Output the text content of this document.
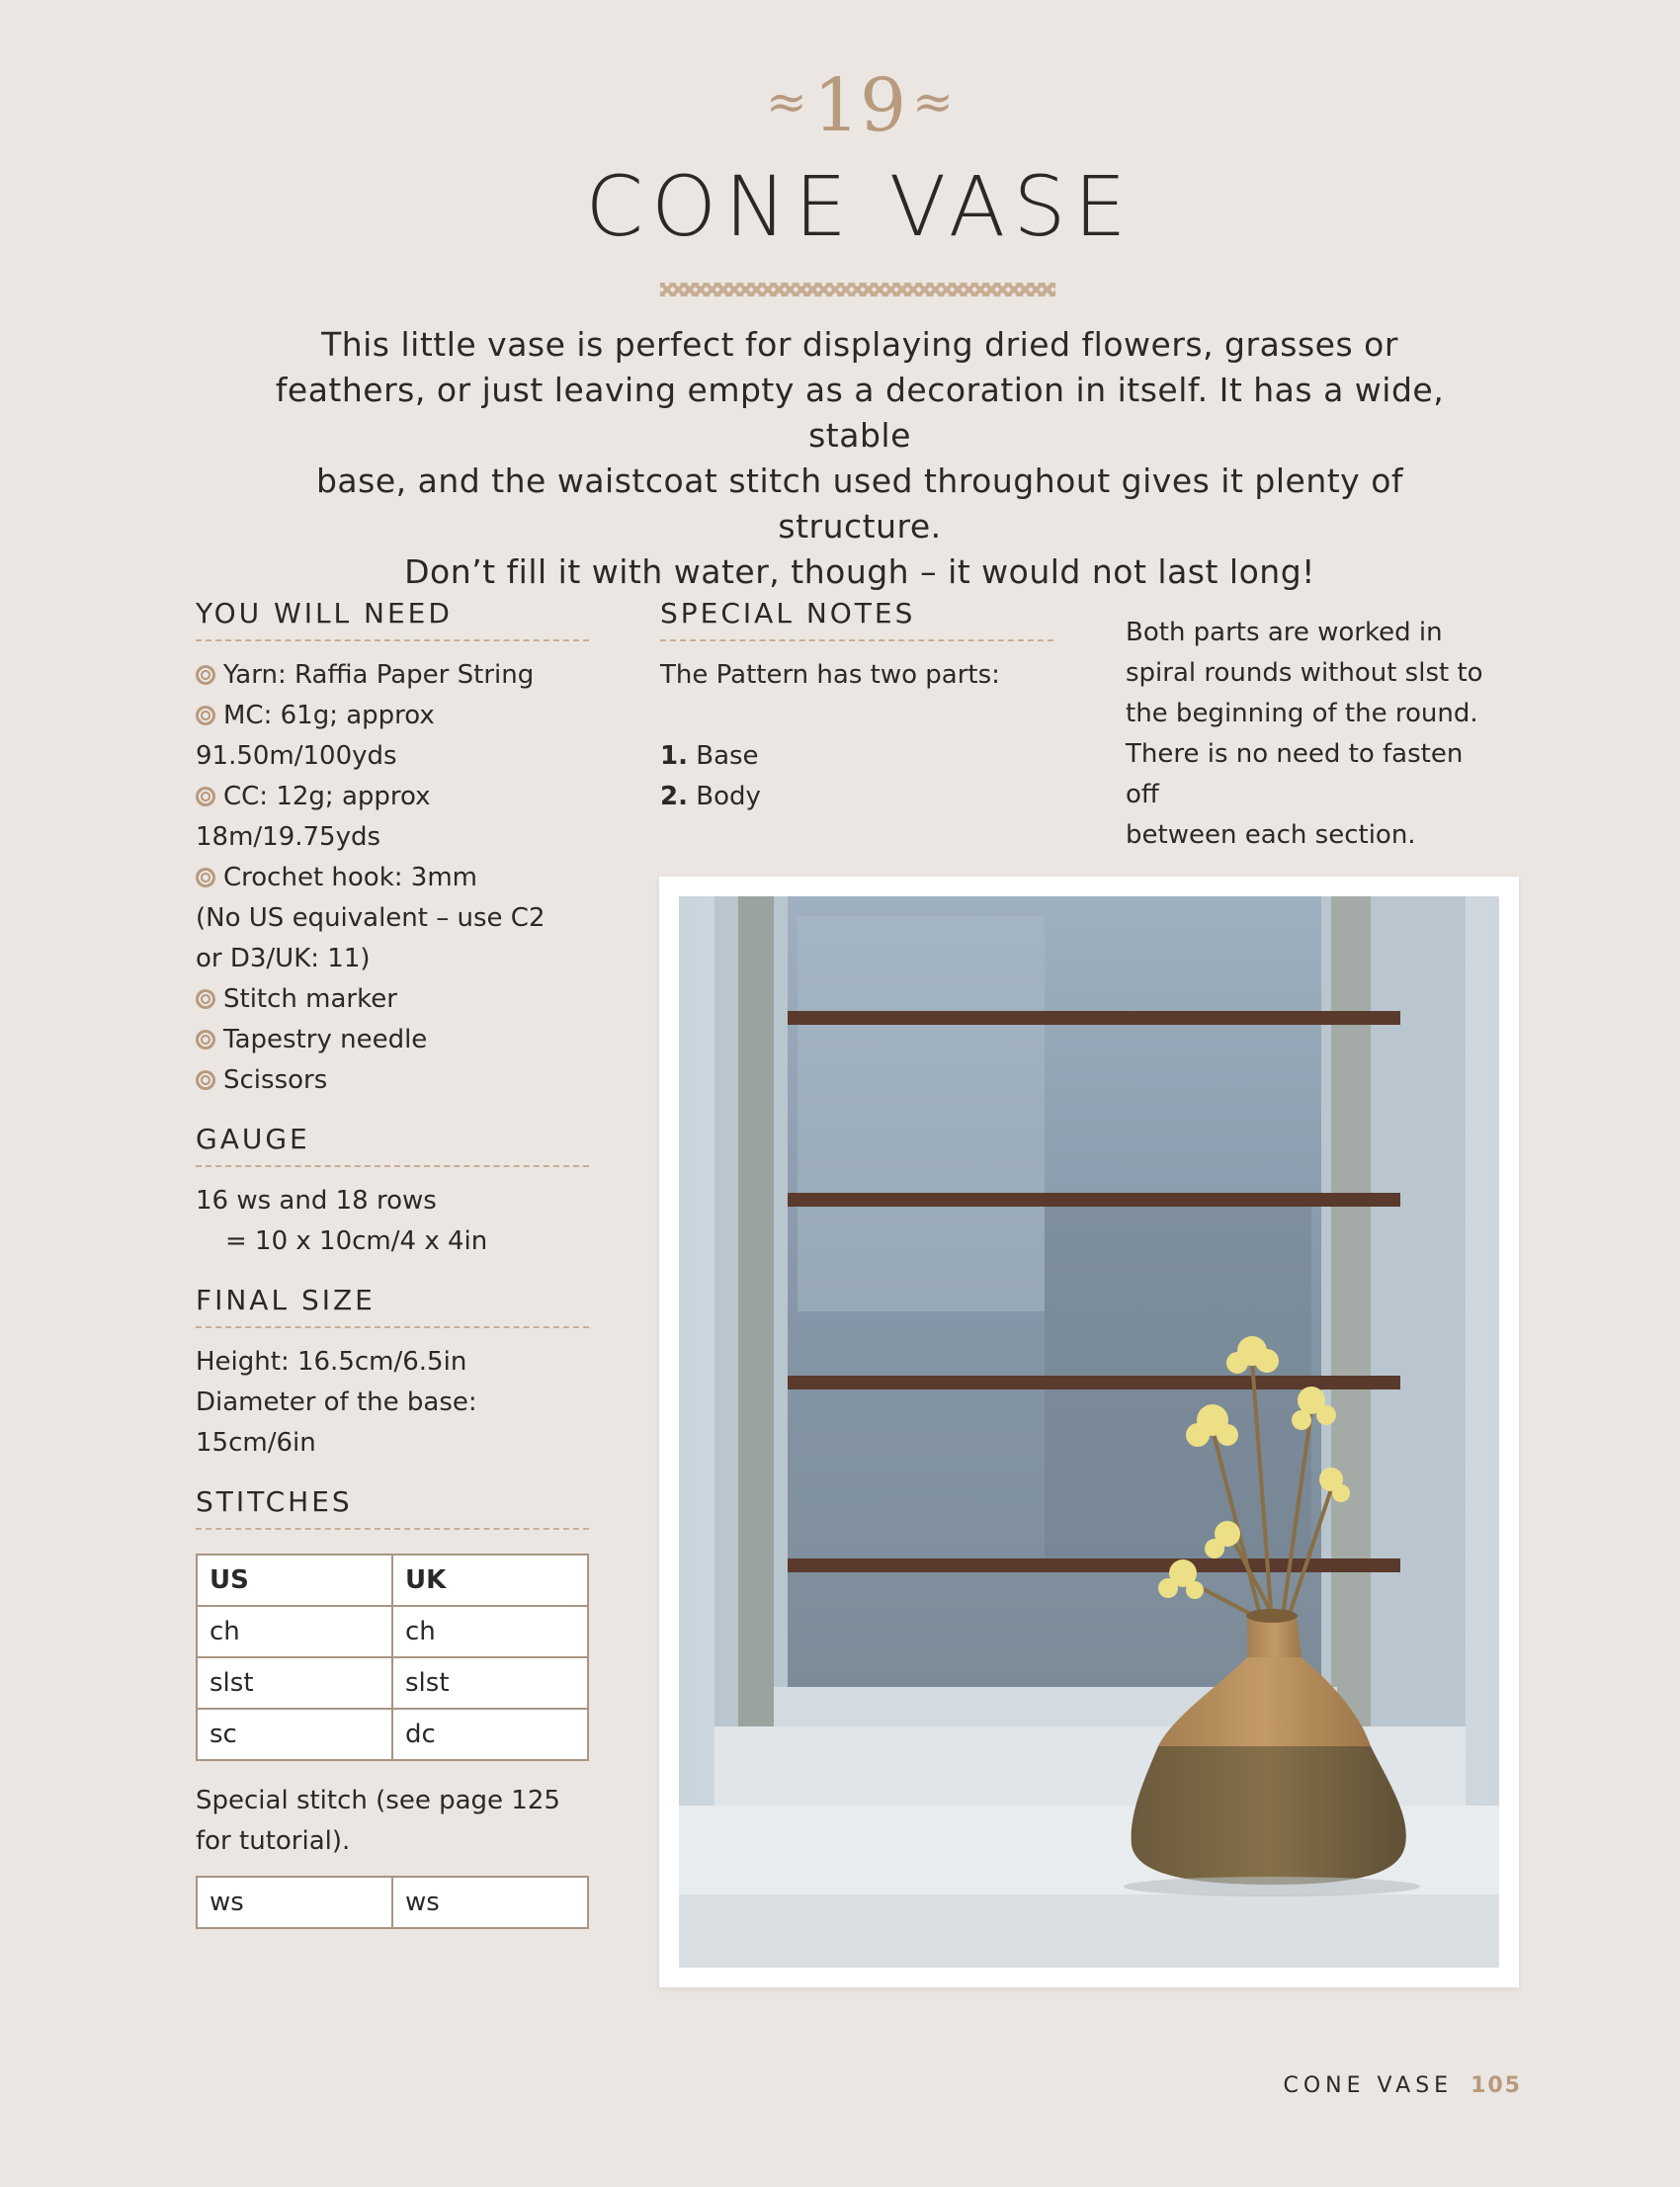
≈19 ≈
CONE VASE
This little vase is perfect for displaying dried flowers, grasses or
feathers, or just leaving empty as a decoration in itself. It has a wide, stable
base, and the waistcoat stitch used throughout gives it plenty of structure.
Don’t fill it with water, though – it would not last long!
YOU WILL NEED
Yarn: Raffia Paper String
MC: 61g; approx
91.50m/100yds
CC: 12g; approx
18m/19.75yds
Crochet hook: 3mm
(No US equivalent – use C2
or D3/UK: 11)
Stitch marker
Tapestry needle
Scissors
GAUGE
16 ws and 18 rows
= 10 x 10cm/4 x 4in
FINAL SIZE
Height: 16.5cm/6.5in
Diameter of the base: 15cm/6in
STITCHES
US	UK
ch	ch
slst	slst
sc	dc
Special stitch (see page 125
for tutorial).
ws	ws
SPECIAL NOTES
The Pattern has two parts:
1. Base
2. Body
Both parts are worked in
spiral rounds without slst to
the beginning of the round.
There is no need to fasten off
between each section.
CONE VASE 105
